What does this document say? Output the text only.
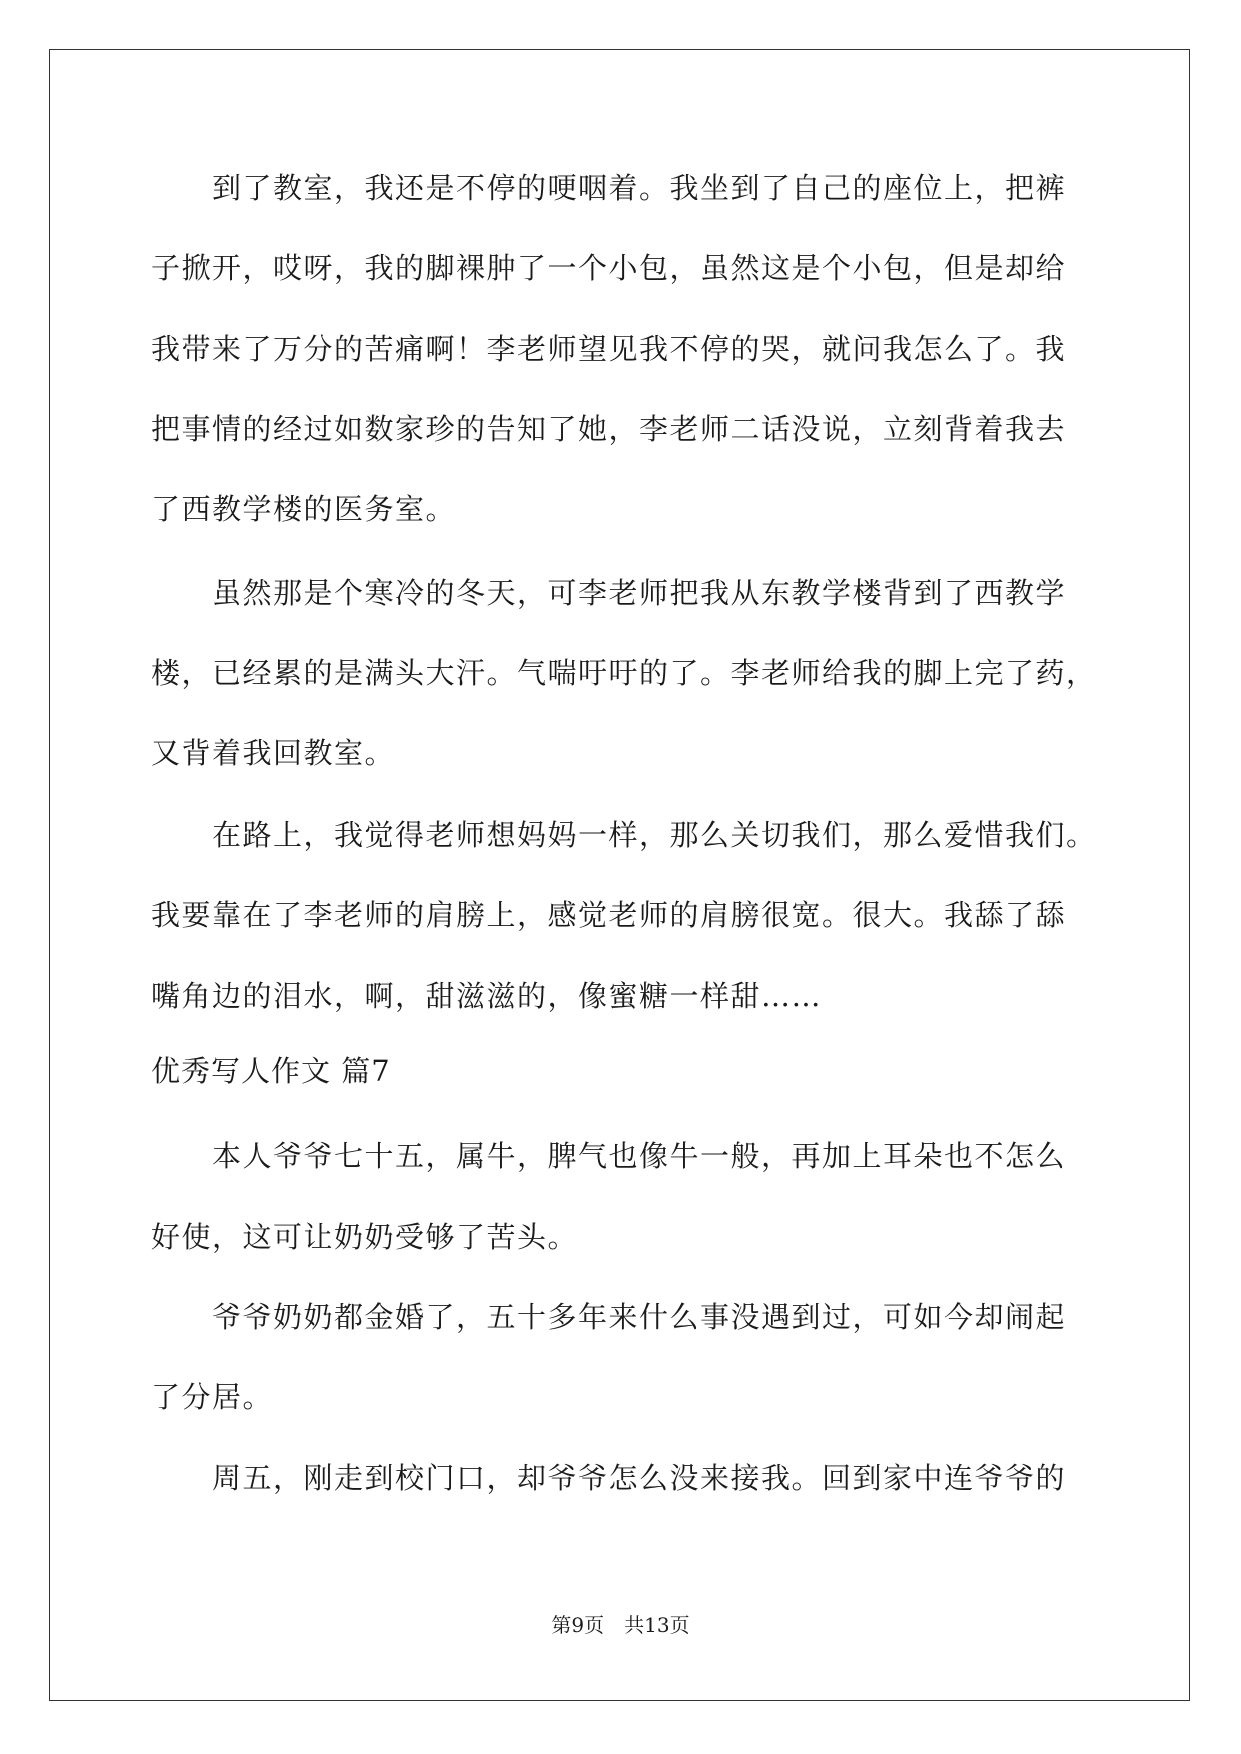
　　到了教室，我还是不停的哽咽着。我坐到了自己的座位上，把裤
子掀开，哎呀，我的脚裸肿了一个小包，虽然这是个小包，但是却给
我带来了万分的苦痛啊！李老师望见我不停的哭，就问我怎么了。我
把事情的经过如数家珍的告知了她，李老师二话没说，立刻背着我去
了西教学楼的医务室。
　　虽然那是个寒冷的冬天，可李老师把我从东教学楼背到了西教学
楼，已经累的是满头大汗。气喘吁吁的了。李老师给我的脚上完了药，
又背着我回教室。
　　在路上，我觉得老师想妈妈一样，那么关切我们，那么爱惜我们。
我要靠在了李老师的肩膀上，感觉老师的肩膀很宽。很大。我舔了舔
嘴角边的泪水，啊，甜滋滋的，像蜜糖一样甜……
优秀写人作文 篇7
　　本人爷爷七十五，属牛，脾气也像牛一般，再加上耳朵也不怎么
好使，这可让奶奶受够了苦头。
　　爷爷奶奶都金婚了，五十多年来什么事没遇到过，可如今却闹起
了分居。
　　周五，刚走到校门口，却爷爷怎么没来接我。回到家中连爷爷的
第9页　共13页
